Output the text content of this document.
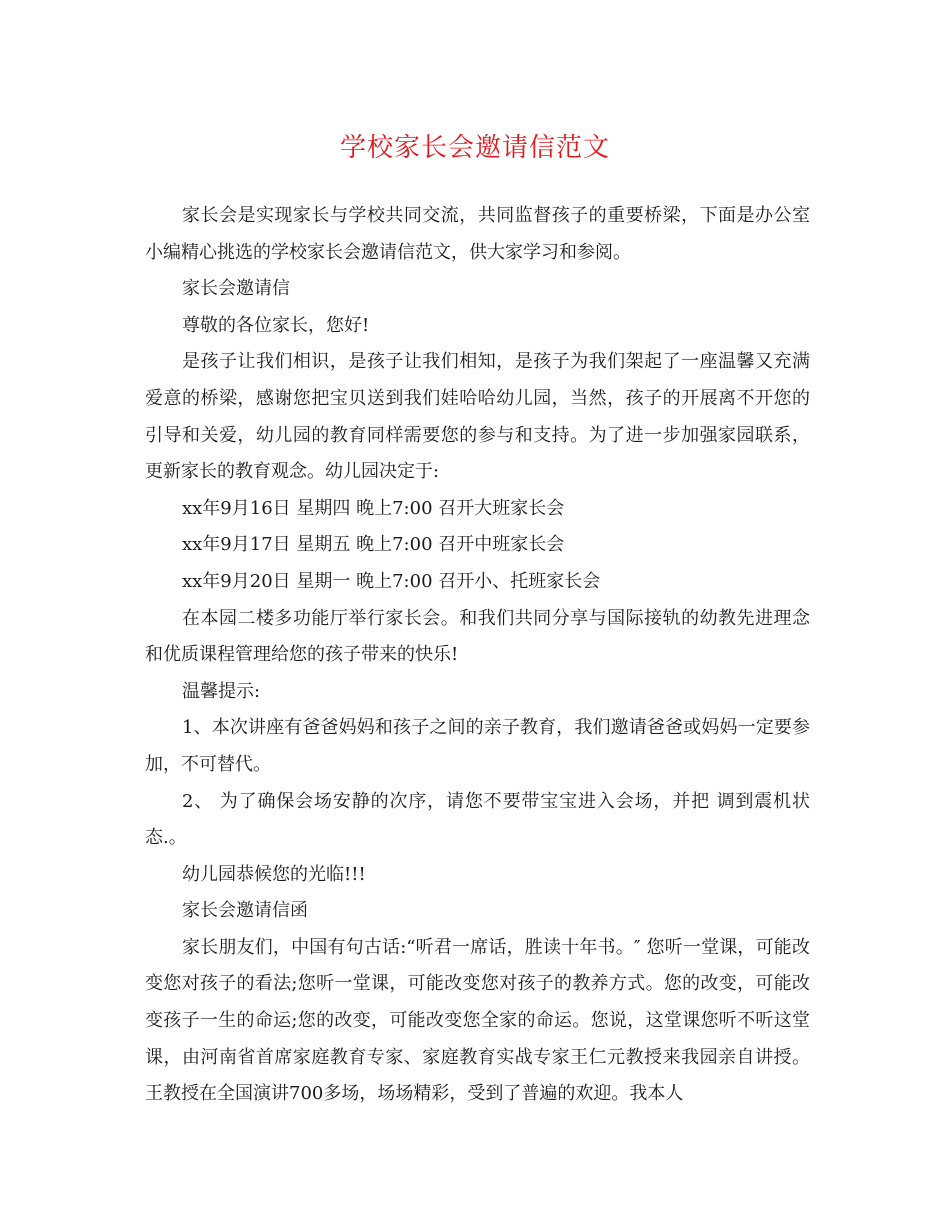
学校家长会邀请信范文

家长会是实现家长与学校共同交流，共同监督孩子的重要桥梁，下面是办公室小编精心挑选的学校家长会邀请信范文，供大家学习和参阅。

家长会邀请信

尊敬的各位家长，您好!

是孩子让我们相识，是孩子让我们相知，是孩子为我们架起了一座温馨又充满爱意的桥梁，感谢您把宝贝送到我们娃哈哈幼儿园，当然，孩子的开展离不开您的引导和关爱，幼儿园的教育同样需要您的参与和支持。为了进一步加强家园联系，更新家长的教育观念。幼儿园决定于:

xx年9月16日 星期四 晚上7:00 召开大班家长会

xx年9月17日 星期五 晚上7:00 召开中班家长会

xx年9月20日 星期一 晚上7:00 召开小、托班家长会

在本园二楼多功能厅举行家长会。和我们共同分享与国际接轨的幼教先进理念和优质课程管理给您的孩子带来的快乐!

温馨提示:

1、本次讲座有爸爸妈妈和孩子之间的亲子教育，我们邀请爸爸或妈妈一定要参加，不可替代。

2、 为了确保会场安静的次序，请您不要带宝宝进入会场，并把 调到震机状态.。

幼儿园恭候您的光临!!!

家长会邀请信函

家长朋友们，中国有句古话:“听君一席话，胜读十年书。″ 您听一堂课，可能改变您对孩子的看法;您听一堂课，可能改变您对孩子的教养方式。您的改变，可能改变孩子一生的命运;您的改变，可能改变您全家的命运。您说，这堂课您听不听这堂课，由河南省首席家庭教育专家、家庭教育实战专家王仁元教授来我园亲自讲授。王教授在全国演讲700多场，场场精彩，受到了普遍的欢迎。我本人
